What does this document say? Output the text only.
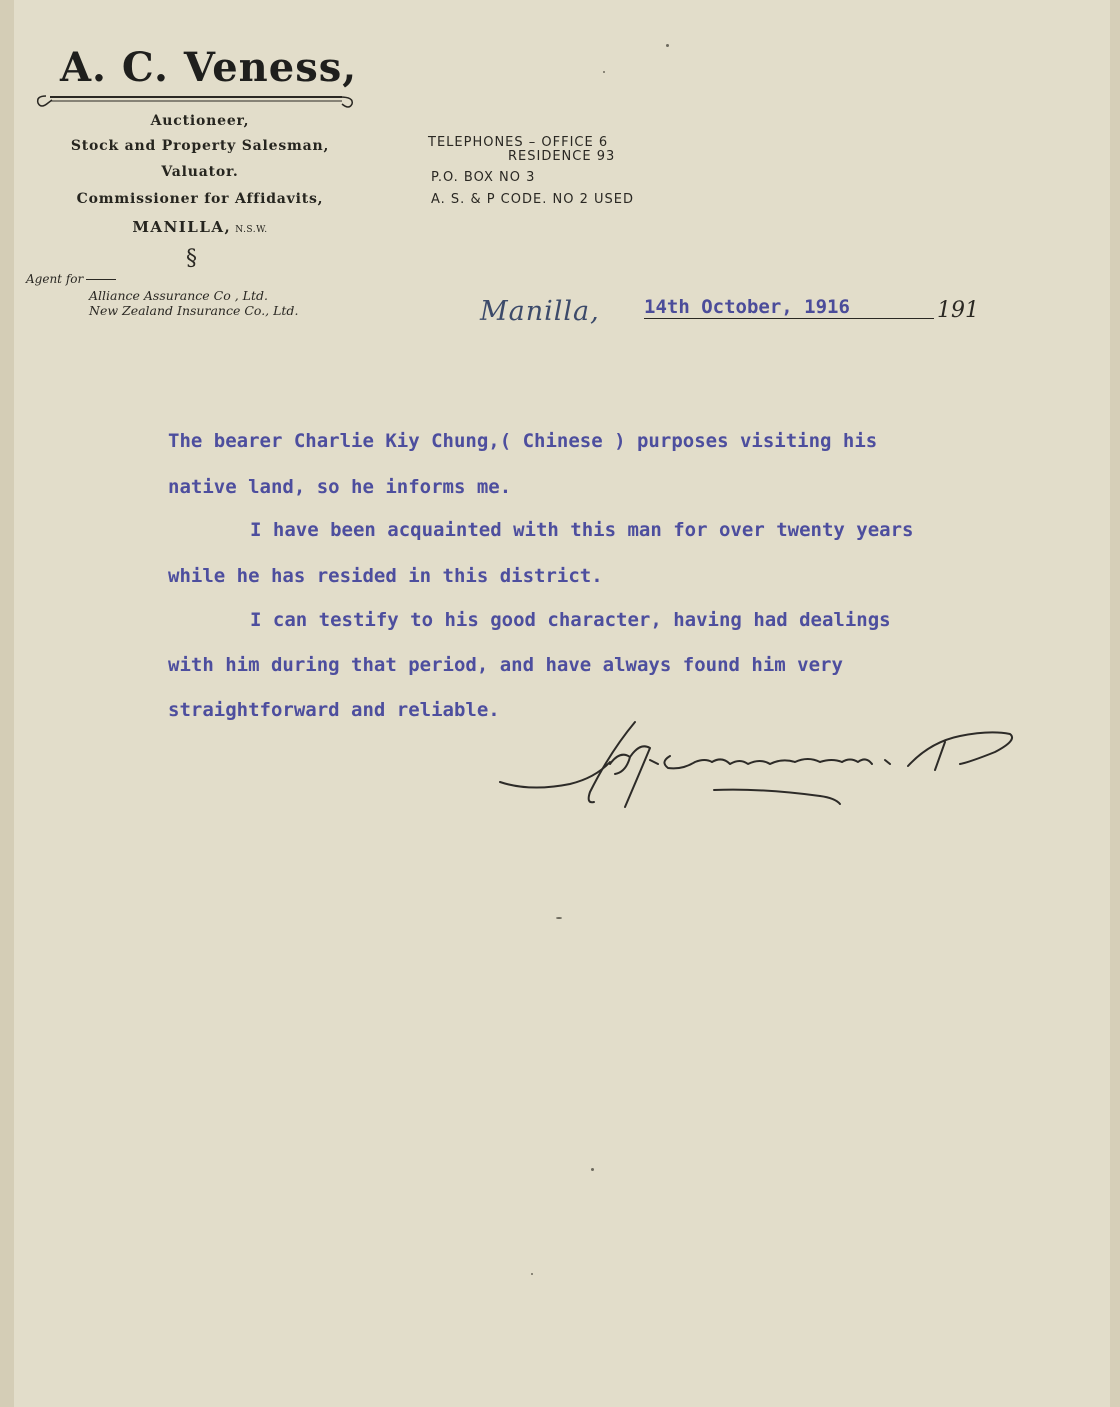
A. C. Veness,
Auctioneer,
Stock and Property Salesman,
Valuator.
Commissioner for Affidavits,
MANILLA, N.S.W.
§
Agent for
Alliance Assurance Co , Ltd.
New Zealand Insurance Co., Ltd.
TELEPHONES – OFFICE 6
RESIDENCE 93
P.O. BOX NO 3
A. S. & P CODE. NO 2 USED
Manilla, 14th October, 1916	191
The bearer Charlie Kiy Chung,( Chinese ) purposes visiting his
native land, so he informs me.
I have been acquainted with this man for over twenty years
while he has resided in this district.
I can testify to his good character, having had dealings
with him during that period, and have always found him very
straightforward and reliable.
